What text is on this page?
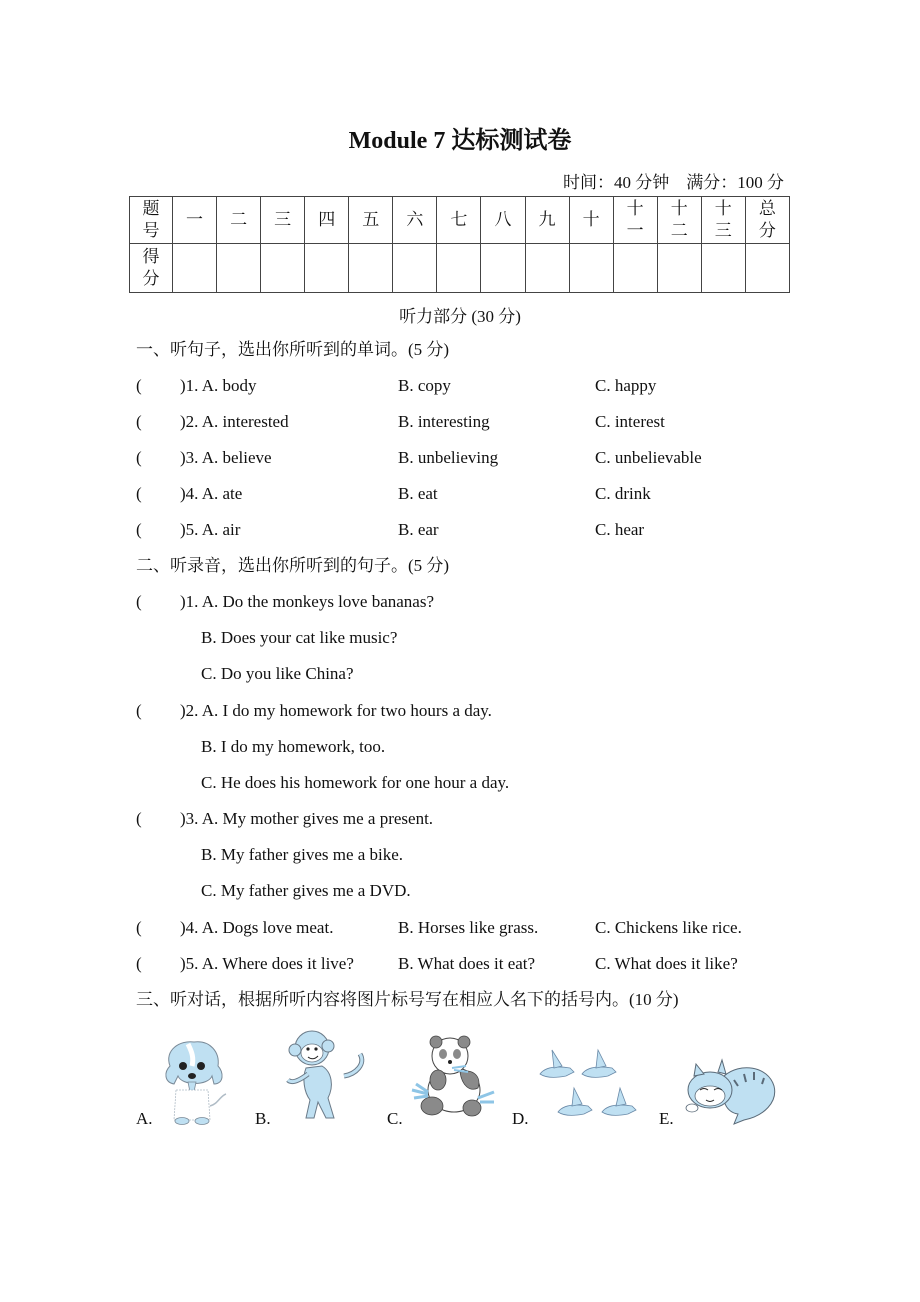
Module 7 达标测试卷
时间：40 分钟 满分：100 分
题号	一	二	三	四	五	六	七	八	九	十	十一	十二	十三	总分
得分														
听力部分 (30 分)
一、听句子，选出你所听到的单词。(5 分)
( )1. A. body	B. copy	C. happy
( )2. A. interested	B. interesting	C. interest
( )3. A. believe	B. unbelieving	C. unbelievable
( )4. A. ate	B. eat	C. drink
( )5. A. air	B. ear	C. hear
二、听录音，选出你所听到的句子。(5 分)
( )1. A. Do the monkeys love bananas?
B. Does your cat like music?
C. Do you like China?
( )2. A. I do my homework for two hours a day.
B. I do my homework, too.
C. He does his homework for one hour a day.
( )3. A. My mother gives me a present.
B. My father gives me a bike.
C. My father gives me a DVD.
( )4. A. Dogs love meat.	B. Horses like grass.	C. Chickens like rice.
( )5. A. Where does it live?	B. What does it eat?	C. What does it like?
三、听对话，根据所听内容将图片标号写在相应人名下的括号内。(10 分)
A.	B.	C.	D.	E.
